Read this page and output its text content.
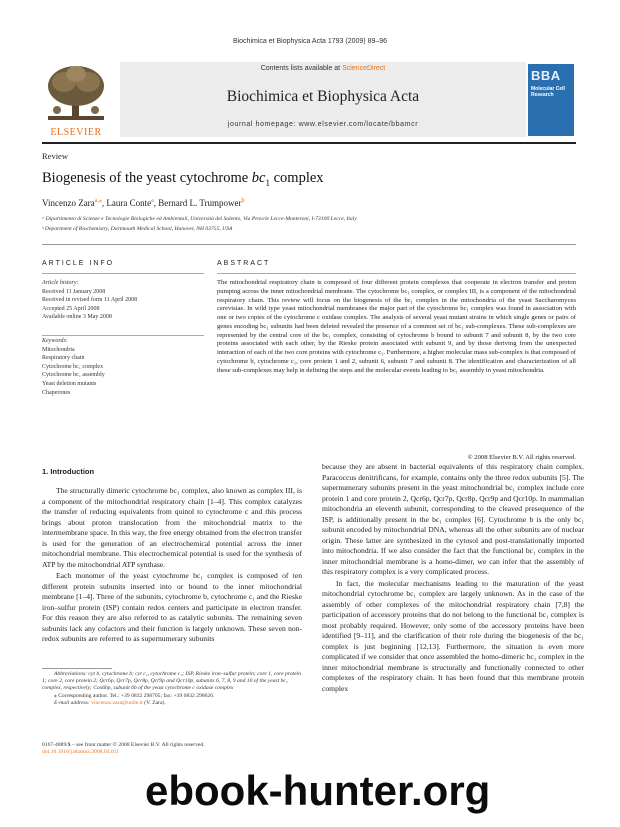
Biochimica et Biophysica Acta 1793 (2009) 89–96
ELSEVIER
Contents lists available at ScienceDirect
Biochimica et Biophysica Acta
journal homepage: www.elsevier.com/locate/bbamcr
BBA
Molecular Cell Research
Review
Biogenesis of the yeast cytochrome $bc_1$ complex
Vincenzo Zara$^{a,⁎}$, Laura Conte$^a$, Bernard L. Trumpower$^b$
ᵃ Dipartimento di Scienze e Tecnologie Biologiche ed Ambientali, Università del Salento, Via Provcle Lecce-Monteroni, I-73100 Lecce, Italy
ᵇ Department of Biochemistry, Dartmouth Medical School, Hanover, NH 03755, USA
ARTICLE INFO	ABSTRACT
Article history:
Received 11 January 2008
Received in revised form 11 April 2008
Accepted 25 April 2008
Available online 3 May 2008
Keywords:
Mitochondria
Respiratory chain
Cytochrome bc₁ complex
Cytochrome bc₁ assembly
Yeast deletion mutants
Chaperones

The mitochondrial respiratory chain is composed of four different protein complexes that cooperate in electron transfer and proton pumping across the inner mitochondrial membrane. The cytochrome bc₁ complex, or complex III, is a component of the mitochondrial respiratory chain. This review will focus on the biogenesis of the bc₁ complex in the mitochondria of the yeast Saccharomyces cerevisiae. In wild type yeast mitochondrial membranes the major part of the cytochrome bc₁ complex was found in association with one or two copies of the cytochrome c oxidase complex. The analysis of several yeast mutant strains in which single genes or pairs of genes encoding bc₁ subunits had been deleted revealed the presence of a common set of bc₁ sub-complexes. These sub-complexes are represented by the central core of the bc₁ complex, consisting of cytochrome b bound to subunit 7 and subunit 8, by the two core proteins associated with each other, by the Rieske protein associated with subunit 9, and by those deriving from the unexpected interaction of each of the two core proteins with cytochrome c₁. Furthermore, a higher molecular mass sub-complex is that composed of cytochrome b, cytochrome c₁, core protein 1 and 2, subunit 6, subunit 7 and subunit 8. The identification and characterization of all these sub-complexes may help in defining the steps and the molecular events leading to bc₁ assembly in yeast mitochondria.

© 2008 Elsevier B.V. All rights reserved.
1. Introduction

The structurally dimeric cytochrome bc₁ complex, also known as complex III, is a component of the mitochondrial respiratory chain [1–4]. This complex catalyzes the transfer of reducing equivalents from quinol to cytochrome c and this process brings about proton translocation from the mitochondrial matrix to the intermembrane space. In this way, the free energy obtained from the electron transfer is used for the generation of an electrochemical potential across the inner mitochondrial membrane. This electrochemical potential is used for the synthesis of ATP by the mitochondrial ATP synthase.

Each monomer of the yeast cytochrome bc₁ complex is composed of ten different protein subunits inserted into or bound to the inner mitochondrial membrane [1–4]. Three of the subunits, cytochrome b, cytochrome c₁ and the Rieske iron–sulfur protein (ISP) contain redox centers and participate in electron transfer. For this reason they are also referred to as catalytic subunits. The remaining seven subunits lack any cofactors and their function is largely unknown. These seven non-redox subunits are referred to as supernumerary subunits

because they are absent in bacterial equivalents of this respiratory chain complex. Paracoccus denitrificans, for example, contains only the three redox subunits [5]. The supernumerary subunits present in the yeast mitochondrial bc₁ complex include core protein 1 and core protein 2, Qcr6p, Qcr7p, Qcr8p, Qcr9p and Qcr10p. In mammalian mitochondria an eleventh subunit, corresponding to the cleaved presequence of the ISP, is additionally present in the bc₁ complex [6]. Cytochrome b is the only bc₁ subunit encoded by mitochondrial DNA, whereas all the other subunits are of nuclear origin. These latter are synthesized in the cytosol and post-translationally imported into mitochondria. If we also consider the fact that the functional bc₁ complex in the inner mitochondrial membrane is a homo-dimer, we can infer that the assembly of this respiratory complex is a very complicated process.

In fact, the molecular mechanisms leading to the maturation of the yeast mitochondrial cytochrome bc₁ complex are largely unknown. As in the case of the assembly of other complexes of the mitochondrial respiratory chain [7,8] the participation of accessory proteins that do not belong to the functional bc₁ complex is most probably required. However, only some of the accessory proteins have been identified [9–11], and the clarification of their role during the biogenesis of the bc₁ complex is just beginning [12,13]. Furthermore, the situation is even more complicated if we consider that once assembled the homo-dimeric bc₁ complex in the inner mitochondrial membrane is structurally and functionally connected to other complexes of the respiratory chain. It has been found that this membrane protein complex

Abbreviations: cyt b, cytochrome b; cyt c₁, cytochrome c₁; ISP, Rieske iron–sulfur protein; core 1, core protein 1; core 2, core protein 2; Qcr6p, Qcr7p, Qcr8p, Qcr9p and Qcr10p, subunits 6, 7, 8, 9 and 10 of the yeast bc₁ complex, respectively; Cox6bp, subunit 6b of the yeast cytochrome c oxidase complex

⁎ Corresponding author. Tel.: +39 0832 298705; fax: +39 0832 298626.

E-mail address: vincenzo.zara@unile.it (V. Zara).

0167-4889/$ – see front matter © 2008 Elsevier B.V. All rights reserved.
doi:10.1016/j.bbamcr.2008.04.011
ebook-hunter.org
